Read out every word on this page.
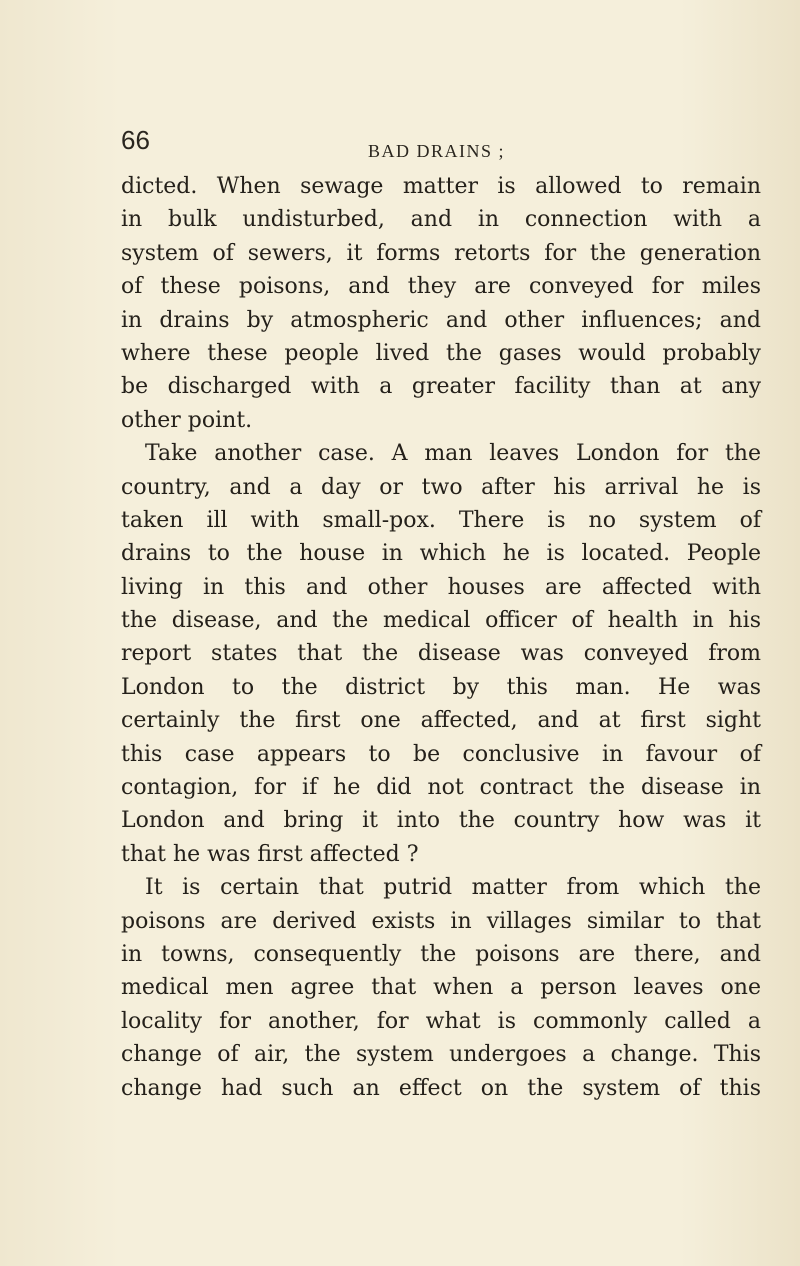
66	BAD DRAINS ;
dicted. When sewage matter is allowed to remain
in bulk undisturbed, and in connection with a
system of sewers, it forms retorts for the generation
of these poisons, and they are conveyed for miles
in drains by atmospheric and other influences; and
where these people lived the gases would probably
be discharged with a greater facility than at any
other point.
Take another case. A man leaves London for the
country, and a day or two after his arrival he is
taken ill with small-pox. There is no system of
drains to the house in which he is located. People
living in this and other houses are affected with
the disease, and the medical officer of health in his
report states that the disease was conveyed from
London to the district by this man. He was
certainly the first one affected, and at first sight
this case appears to be conclusive in favour of
contagion, for if he did not contract the disease in
London and bring it into the country how was it
that he was first affected ?
It is certain that putrid matter from which the
poisons are derived exists in villages similar to that
in towns, consequently the poisons are there, and
medical men agree that when a person leaves one
locality for another, for what is commonly called a
change of air, the system undergoes a change. This
change had such an effect on the system of this
